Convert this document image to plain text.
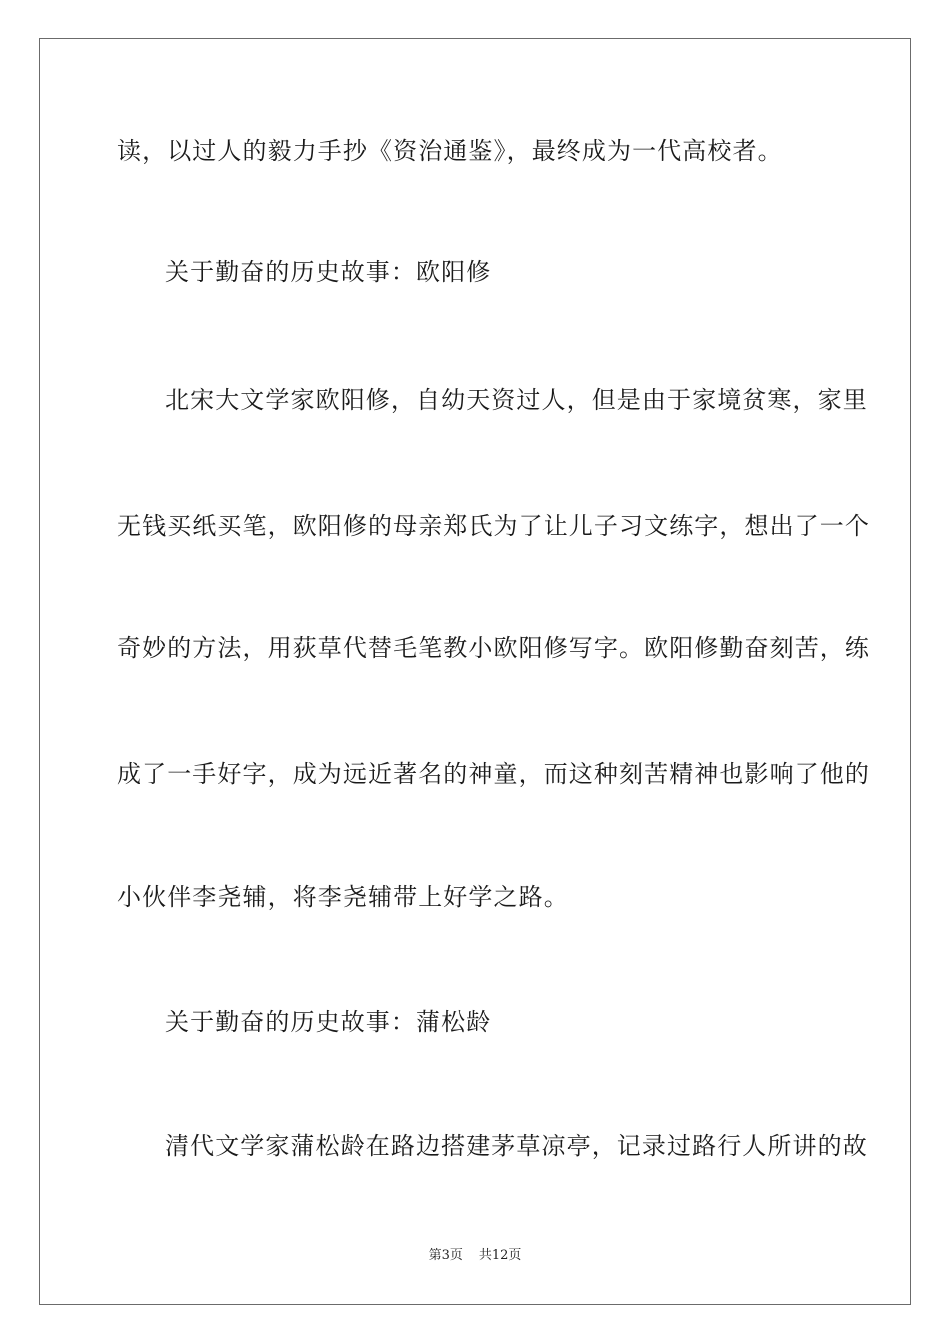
读，以过人的毅力手抄《资治通鉴》，最终成为一代高校者。
关于勤奋的历史故事：欧阳修
北宋大文学家欧阳修，自幼天资过人，但是由于家境贫寒，家里
无钱买纸买笔，欧阳修的母亲郑氏为了让儿子习文练字，想出了一个
奇妙的方法，用荻草代替毛笔教小欧阳修写字。欧阳修勤奋刻苦，练
成了一手好字，成为远近著名的神童，而这种刻苦精神也影响了他的
小伙伴李尧辅，将李尧辅带上好学之路。
关于勤奋的历史故事：蒲松龄
清代文学家蒲松龄在路边搭建茅草凉亭，记录过路行人所讲的故
第3页 共12页
